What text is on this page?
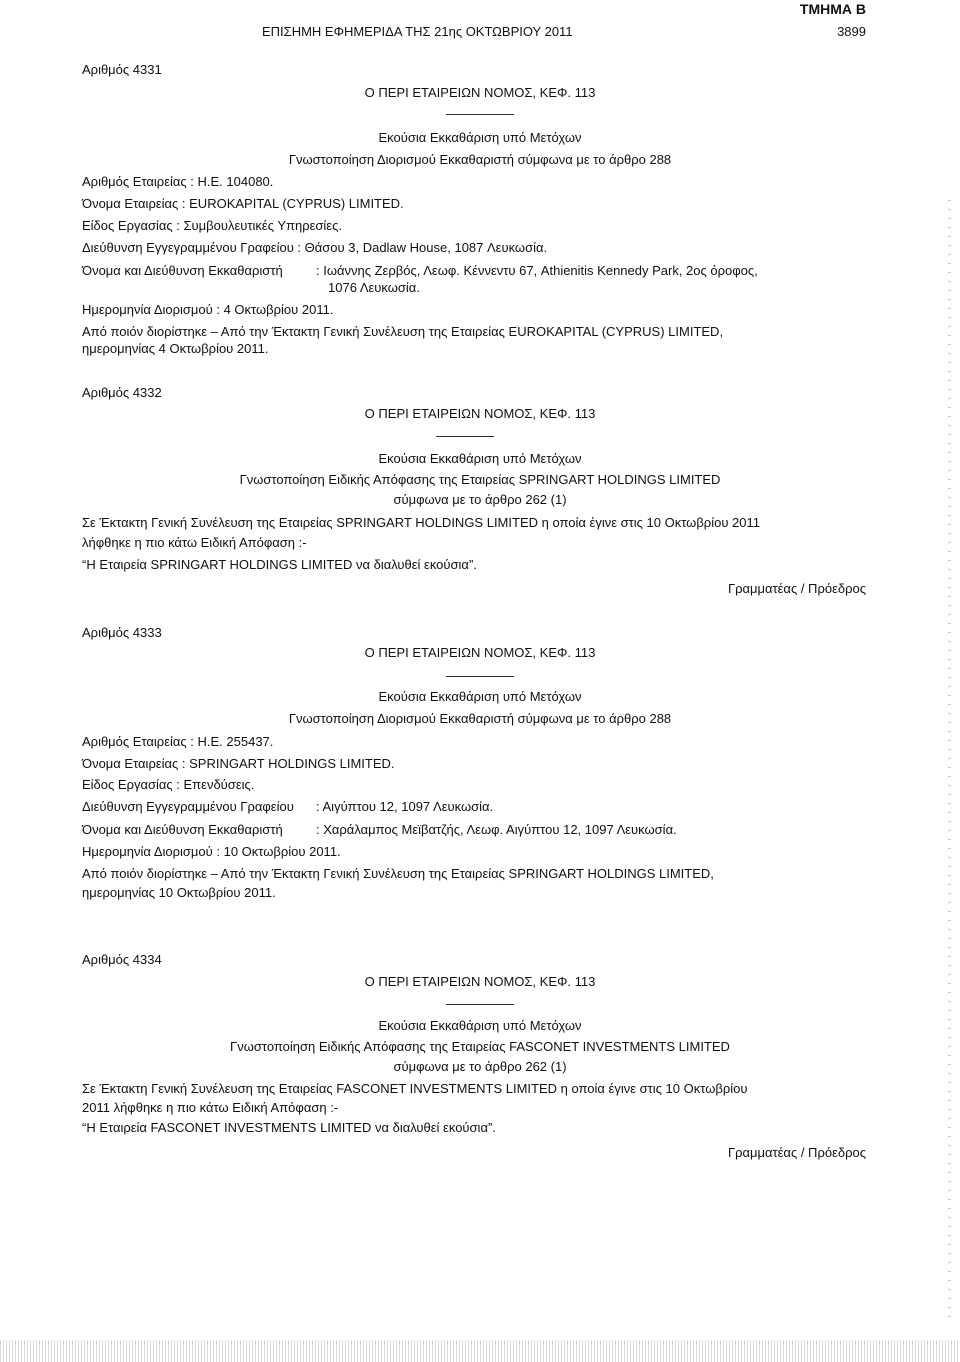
ΤΜΗΜΑ Β
ΕΠΙΣΗΜΗ ΕΦΗΜΕΡΙΔΑ ΤΗΣ 21ης ΟΚΤΩΒΡΙΟΥ 2011	3899
Αριθμός 4331
Ο ΠΕΡΙ ΕΤΑΙΡΕΙΩΝ ΝΟΜΟΣ, ΚΕΦ. 113
Εκούσια Εκκαθάριση υπό Μετόχων
Γνωστοποίηση Διορισμού Εκκαθαριστή σύμφωνα με το άρθρο 288
Αριθμός Εταιρείας : Η.Ε. 104080.
Όνομα Εταιρείας : EUROKAPITAL (CYPRUS) LIMITED.
Είδος Εργασίας : Συμβουλευτικές Υπηρεσίες.
Διεύθυνση Εγγεγραμμένου Γραφείου : Θάσου 3, Dadlaw House, 1087 Λευκωσία.
Όνομα και Διεύθυνση Εκκαθαριστή	: Ιωάννης Ζερβός, Λεωφ. Κέννεντυ 67, Athienitis Kennedy Park, 2ος όροφος,
1076 Λευκωσία.
Ημερομηνία Διορισμού : 4 Οκτωβρίου 2011.
Από ποιόν διορίστηκε – Από την Έκτακτη Γενική Συνέλευση της Εταιρείας EUROKAPITAL (CYPRUS) LIMITED,
ημερομηνίας 4 Οκτωβρίου 2011.
Αριθμός 4332
Ο ΠΕΡΙ ΕΤΑΙΡΕΙΩΝ ΝΟΜΟΣ, ΚΕΦ. 113
Εκούσια Εκκαθάριση υπό Μετόχων
Γνωστοποίηση Ειδικής Απόφασης της Εταιρείας SPRINGART HOLDINGS LIMITED
σύμφωνα με το άρθρο 262 (1)
Σε Έκτακτη Γενική Συνέλευση της Εταιρείας SPRINGART HOLDINGS LIMITED η οποία έγινε στις 10 Οκτωβρίου 2011
λήφθηκε η πιο κάτω Ειδική Απόφαση :-
“Η Εταιρεία SPRINGART HOLDINGS LIMITED να διαλυθεί εκούσια”.
Γραμματέας / Πρόεδρος
Αριθμός 4333
Ο ΠΕΡΙ ΕΤΑΙΡΕΙΩΝ ΝΟΜΟΣ, ΚΕΦ. 113
Εκούσια Εκκαθάριση υπό Μετόχων
Γνωστοποίηση Διορισμού Εκκαθαριστή σύμφωνα με το άρθρο 288
Αριθμός Εταιρείας : Η.Ε. 255437.
Όνομα Εταιρείας : SPRINGART HOLDINGS LIMITED.
Είδος Εργασίας : Επενδύσεις.
Διεύθυνση Εγγεγραμμένου Γραφείου : Αιγύπτου 12, 1097 Λευκωσία.
Όνομα και Διεύθυνση Εκκαθαριστή	: Χαράλαμπος Μεϊβατζής, Λεωφ. Αιγύπτου 12, 1097 Λευκωσία.
Ημερομηνία Διορισμού : 10 Οκτωβρίου 2011.
Από ποιόν διορίστηκε – Από την Έκτακτη Γενική Συνέλευση της Εταιρείας SPRINGART HOLDINGS LIMITED,
ημερομηνίας 10 Οκτωβρίου 2011.
Αριθμός 4334
Ο ΠΕΡΙ ΕΤΑΙΡΕΙΩΝ ΝΟΜΟΣ, ΚΕΦ. 113
Εκούσια Εκκαθάριση υπό Μετόχων
Γνωστοποίηση Ειδικής Απόφασης της Εταιρείας FASCONET INVESTMENTS LIMITED
σύμφωνα με το άρθρο 262 (1)
Σε Έκτακτη Γενική Συνέλευση της Εταιρείας FASCONET INVESTMENTS LIMITED η οποία έγινε στις 10 Οκτωβρίου
2011 λήφθηκε η πιο κάτω Ειδική Απόφαση :-
“Η Εταιρεία FASCONET INVESTMENTS LIMITED να διαλυθεί εκούσια”.
Γραμματέας / Πρόεδρος
